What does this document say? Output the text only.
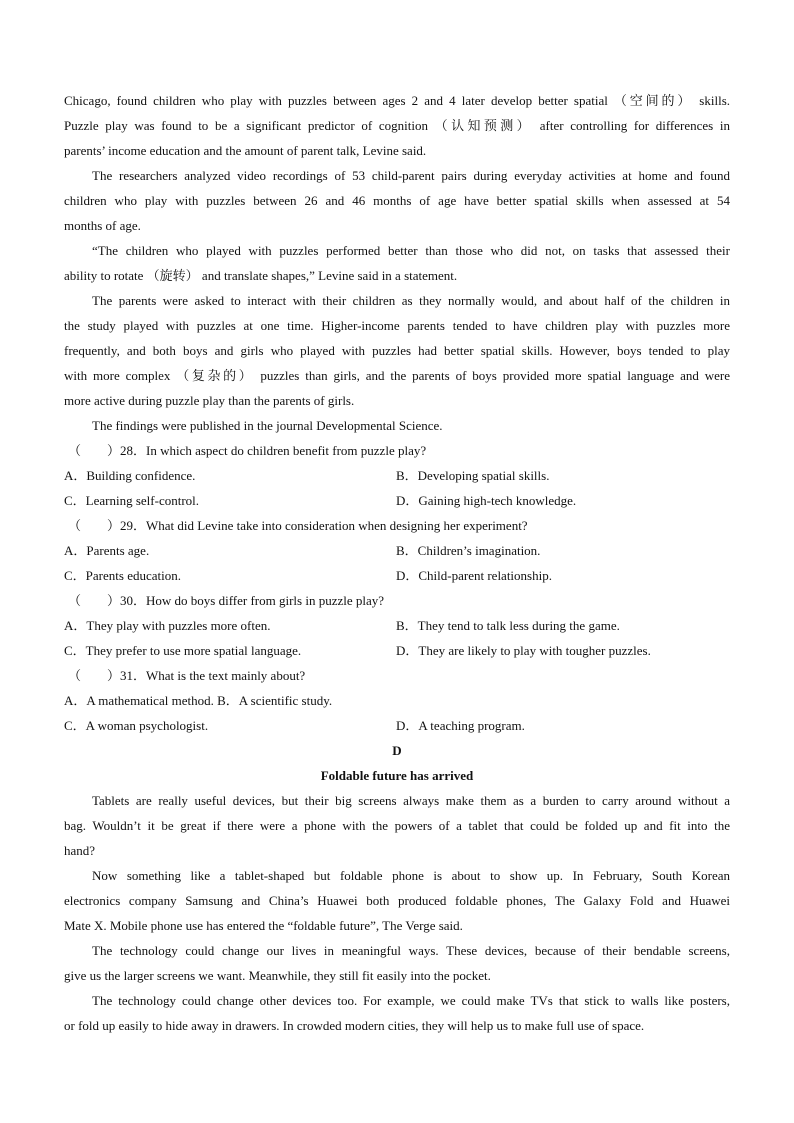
Chicago, found children who play with puzzles between ages 2 and 4 later develop better spatial （空间的） skills.
Puzzle play was found to be a significant predictor of cognition （认知预测） after controlling for differences in
parents’ income education and the amount of parent talk, Levine said.
The researchers analyzed video recordings of 53 child-parent pairs during everyday activities at home and found
children who play with puzzles between 26 and 46 months of age have better spatial skills when assessed at 54
months of age.
“The children who played with puzzles performed better than those who did not, on tasks that assessed their
ability to rotate （旋转） and translate shapes,” Levine said in a statement.
The parents were asked to interact with their children as they normally would, and about half of the children in
the study played with puzzles at one time. Higher-income parents tended to have children play with puzzles more
frequently, and both boys and girls who played with puzzles had better spatial skills. However, boys tended to play
with more complex （复杂的） puzzles than girls, and the parents of boys provided more spatial language and were
more active during puzzle play than the parents of girls.
The findings were published in the journal Developmental Science.
（　　）28．In which aspect do children benefit from puzzle play?
A．Building confidence.	B．Developing spatial skills.
C．Learning self-control.	D．Gaining high-tech knowledge.
（　　）29．What did Levine take into consideration when designing her experiment?
A．Parents age.	B．Children’s imagination.
C．Parents education.	D．Child-parent relationship.
（　　）30．How do boys differ from girls in puzzle play?
A．They play with puzzles more often.	B．They tend to talk less during the game.
C．They prefer to use more spatial language.	D．They are likely to play with tougher puzzles.
（　　）31．What is the text mainly about?
A．A mathematical method. B．A scientific study.
C．A woman psychologist.	D．A teaching program.
D
Foldable future has arrived
Tablets are really useful devices, but their big screens always make them as a burden to carry around without a
bag. Wouldn’t it be great if there were a phone with the powers of a tablet that could be folded up and fit into the
hand?
Now something like a tablet-shaped but foldable phone is about to show up. In February, South Korean
electronics company Samsung and China’s Huawei both produced foldable phones, The Galaxy Fold and Huawei
Mate X. Mobile phone use has entered the “foldable future”, The Verge said.
The technology could change our lives in meaningful ways. These devices, because of their bendable screens,
give us the larger screens we want. Meanwhile, they still fit easily into the pocket.
The technology could change other devices too. For example, we could make TVs that stick to walls like posters,
or fold up easily to hide away in drawers. In crowded modern cities, they will help us to make full use of space.
